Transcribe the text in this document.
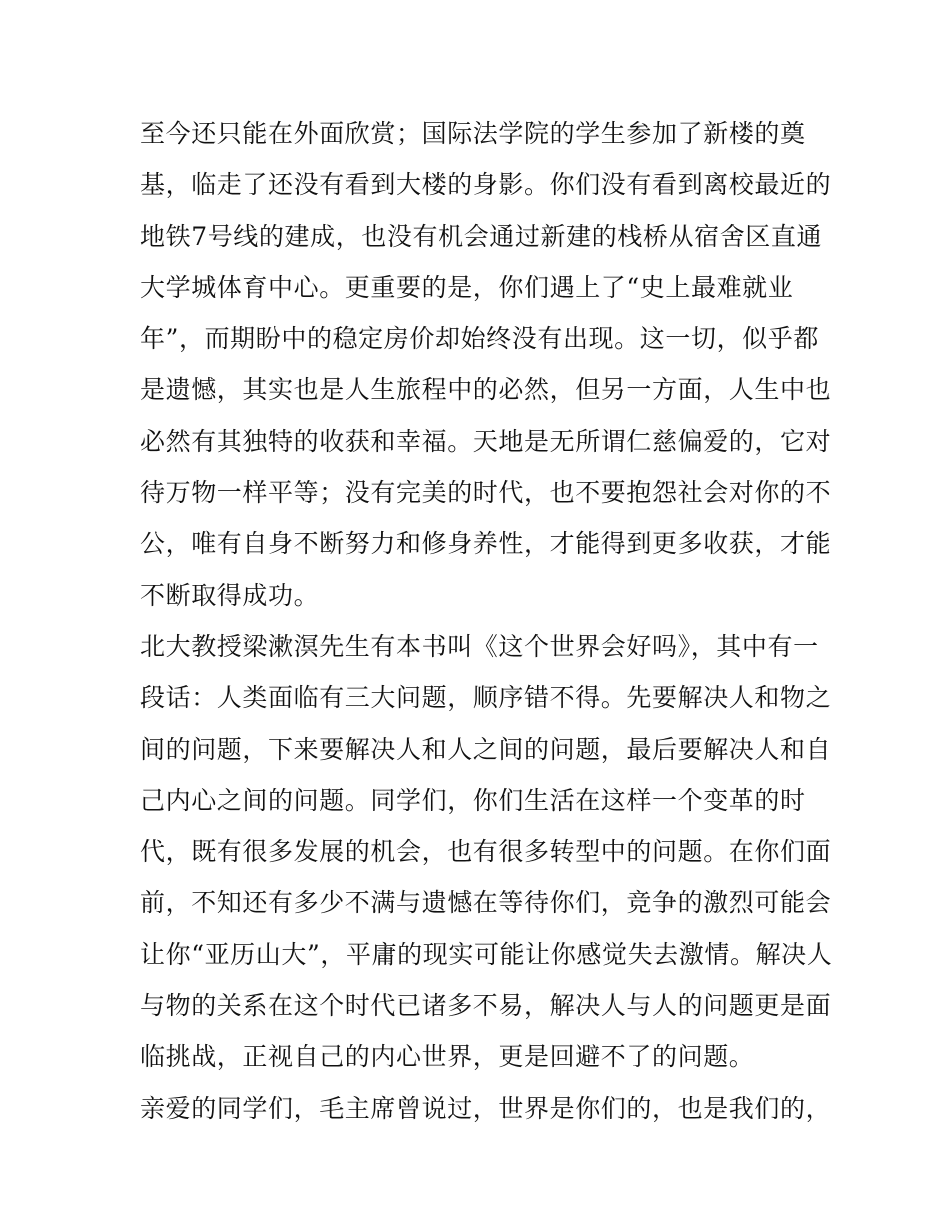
至今还只能在外面欣赏；国际法学院的学生参加了新楼的奠
基，临走了还没有看到大楼的身影。你们没有看到离校最近的
地铁7号线的建成，也没有机会通过新建的栈桥从宿舍区直通
大学城体育中心。更重要的是，你们遇上了“史上最难就业
年”，而期盼中的稳定房价却始终没有出现。这一切，似乎都
是遗憾，其实也是人生旅程中的必然，但另一方面，人生中也
必然有其独特的收获和幸福。天地是无所谓仁慈偏爱的，它对
待万物一样平等；没有完美的时代，也不要抱怨社会对你的不
公，唯有自身不断努力和修身养性，才能得到更多收获，才能
不断取得成功。
北大教授梁漱溟先生有本书叫《这个世界会好吗》，其中有一
段话：人类面临有三大问题，顺序错不得。先要解决人和物之
间的问题，下来要解决人和人之间的问题，最后要解决人和自
己内心之间的问题。同学们，你们生活在这样一个变革的时
代，既有很多发展的机会，也有很多转型中的问题。在你们面
前，不知还有多少不满与遗憾在等待你们，竞争的激烈可能会
让你“亚历山大”，平庸的现实可能让你感觉失去激情。解决人
与物的关系在这个时代已诸多不易，解决人与人的问题更是面
临挑战，正视自己的内心世界，更是回避不了的问题。
亲爱的同学们，毛主席曾说过，世界是你们的，也是我们的，
